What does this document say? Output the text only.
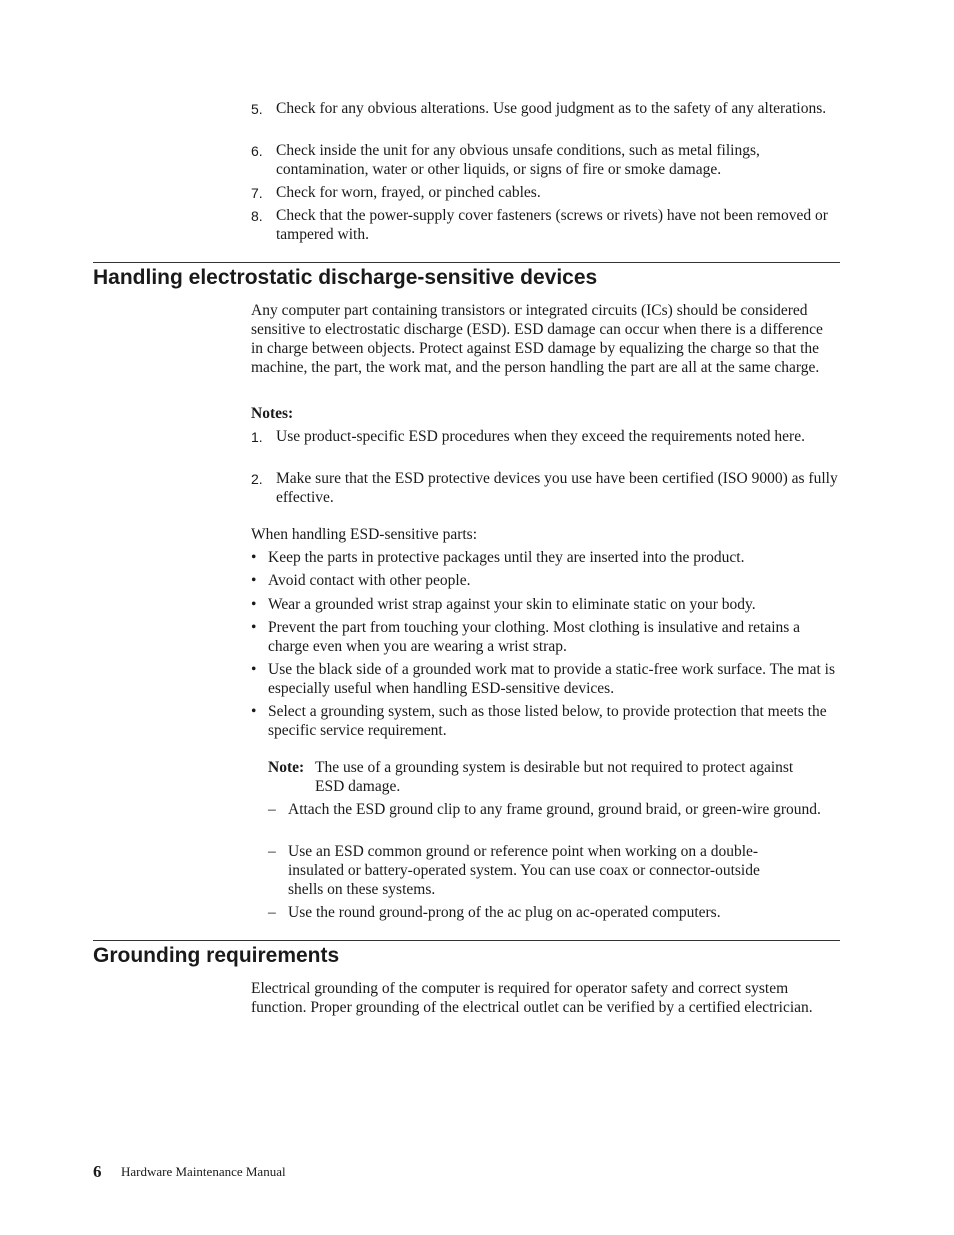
5. Check for any obvious alterations. Use good judgment as to the safety of any alterations.
6. Check inside the unit for any obvious unsafe conditions, such as metal filings, contamination, water or other liquids, or signs of fire or smoke damage.
7. Check for worn, frayed, or pinched cables.
8. Check that the power-supply cover fasteners (screws or rivets) have not been removed or tampered with.
Handling electrostatic discharge-sensitive devices
Any computer part containing transistors or integrated circuits (ICs) should be considered sensitive to electrostatic discharge (ESD). ESD damage can occur when there is a difference in charge between objects. Protect against ESD damage by equalizing the charge so that the machine, the part, the work mat, and the person handling the part are all at the same charge.
Notes:
1. Use product-specific ESD procedures when they exceed the requirements noted here.
2. Make sure that the ESD protective devices you use have been certified (ISO 9000) as fully effective.
When handling ESD-sensitive parts:
• Keep the parts in protective packages until they are inserted into the product.
• Avoid contact with other people.
• Wear a grounded wrist strap against your skin to eliminate static on your body.
• Prevent the part from touching your clothing. Most clothing is insulative and retains a charge even when you are wearing a wrist strap.
• Use the black side of a grounded work mat to provide a static-free work surface. The mat is especially useful when handling ESD-sensitive devices.
• Select a grounding system, such as those listed below, to provide protection that meets the specific service requirement.
Note: The use of a grounding system is desirable but not required to protect against ESD damage.
– Attach the ESD ground clip to any frame ground, ground braid, or green-wire ground.
– Use an ESD common ground or reference point when working on a double-insulated or battery-operated system. You can use coax or connector-outside shells on these systems.
– Use the round ground-prong of the ac plug on ac-operated computers.
Grounding requirements
Electrical grounding of the computer is required for operator safety and correct system function. Proper grounding of the electrical outlet can be verified by a certified electrician.
6 Hardware Maintenance Manual
